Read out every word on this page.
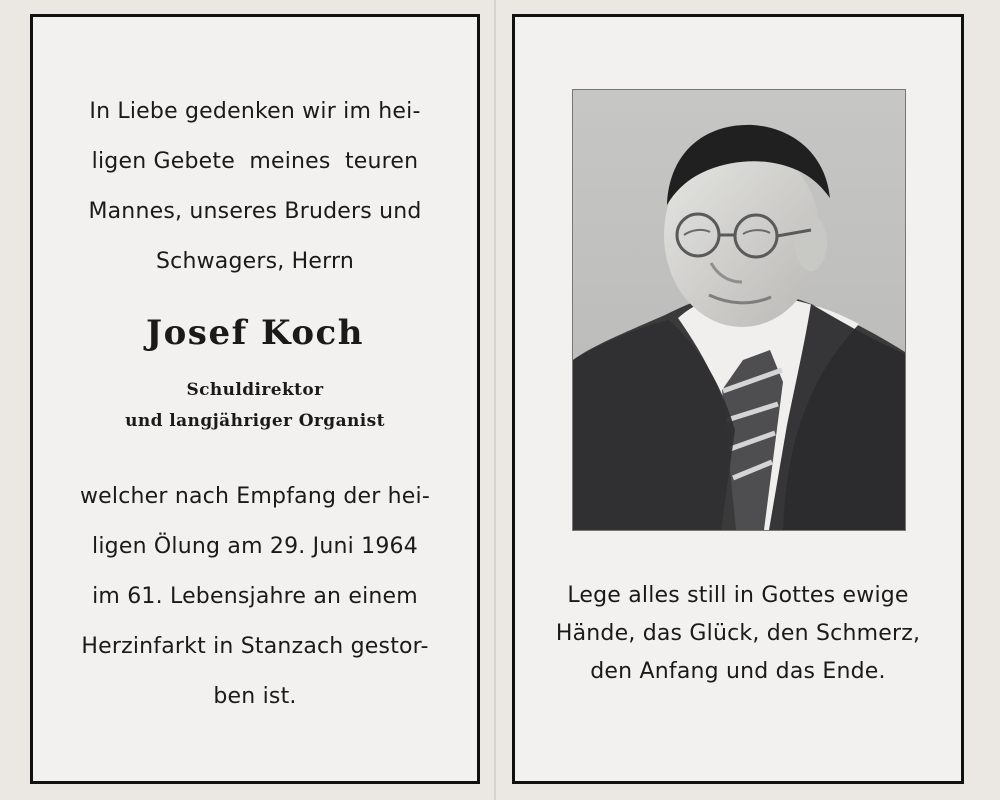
In Liebe gedenken wir im hei-
ligen Gebete  meines  teuren
Mannes, unseres Bruders und
Schwagers, Herrn
Josef Koch
Schuldirektor
und langjähriger Organist
welcher nach Empfang der hei-
ligen Ölung am 29. Juni 1964
im 61. Lebensjahre an einem
Herzinfarkt in Stanzach gestor-
ben ist.
Lege alles still in Gottes ewige
Hände, das Glück, den Schmerz,
den Anfang und das Ende.
